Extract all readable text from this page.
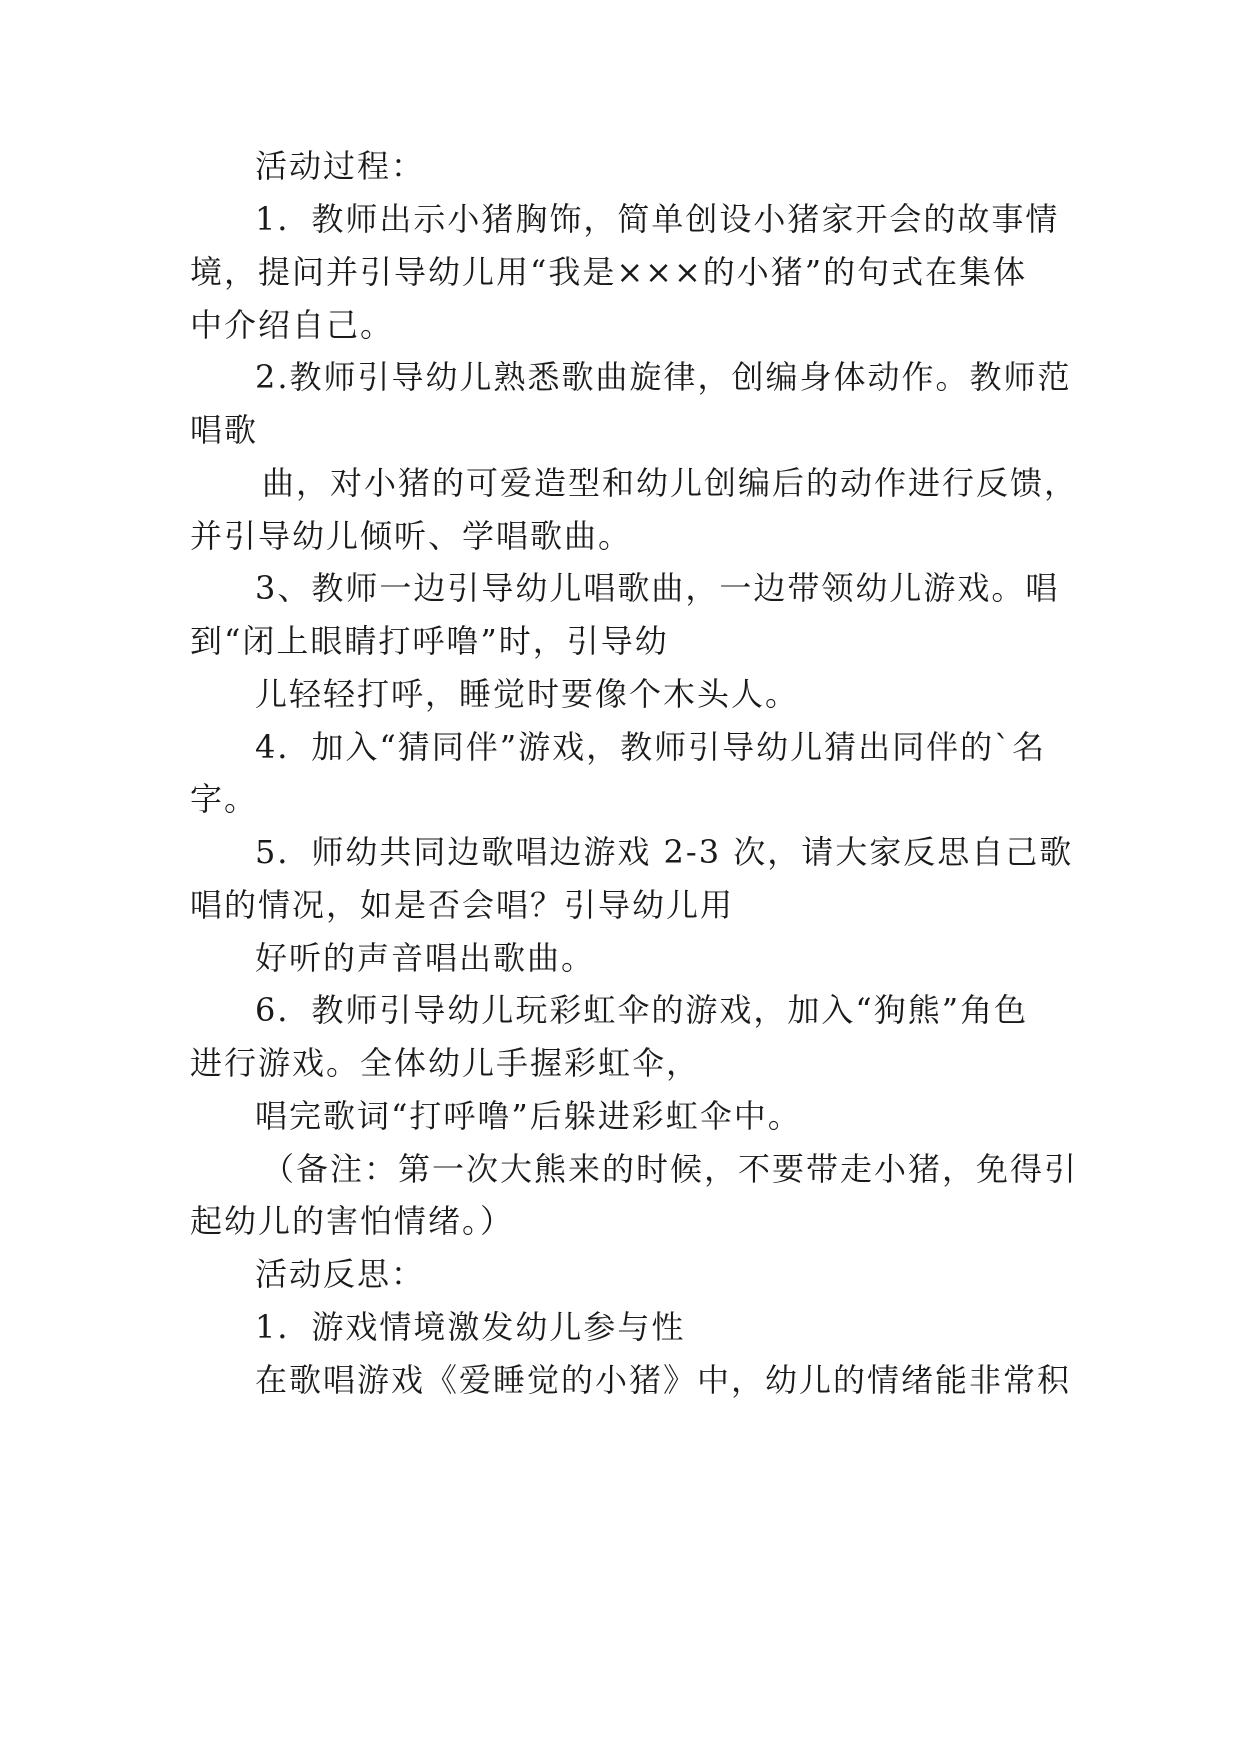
活动过程：
1．教师出示小猪胸饰，简单创设小猪家开会的故事情
境，提问并引导幼儿用“我是×××的小猪”的句式在集体
中介绍自己。
2.教师引导幼儿熟悉歌曲旋律，创编身体动作。教师范
唱歌
曲，对小猪的可爱造型和幼儿创编后的动作进行反馈，
并引导幼儿倾听、学唱歌曲。
3、教师一边引导幼儿唱歌曲，一边带领幼儿游戏。唱
到“闭上眼睛打呼噜”时，引导幼
儿轻轻打呼，睡觉时要像个木头人。
4．加入“猜同伴”游戏，教师引导幼儿猜出同伴的`名
字。
5．师幼共同边歌唱边游戏 2-3 次，请大家反思自己歌
唱的情况，如是否会唱？引导幼儿用
好听的声音唱出歌曲。
6．教师引导幼儿玩彩虹伞的游戏，加入“狗熊”角色
进行游戏。全体幼儿手握彩虹伞，
唱完歌词“打呼噜”后躲进彩虹伞中。
（备注：第一次大熊来的时候，不要带走小猪，免得引
起幼儿的害怕情绪。）
活动反思：
1．游戏情境激发幼儿参与性
在歌唱游戏《爱睡觉的小猪》中，幼儿的情绪能非常积
